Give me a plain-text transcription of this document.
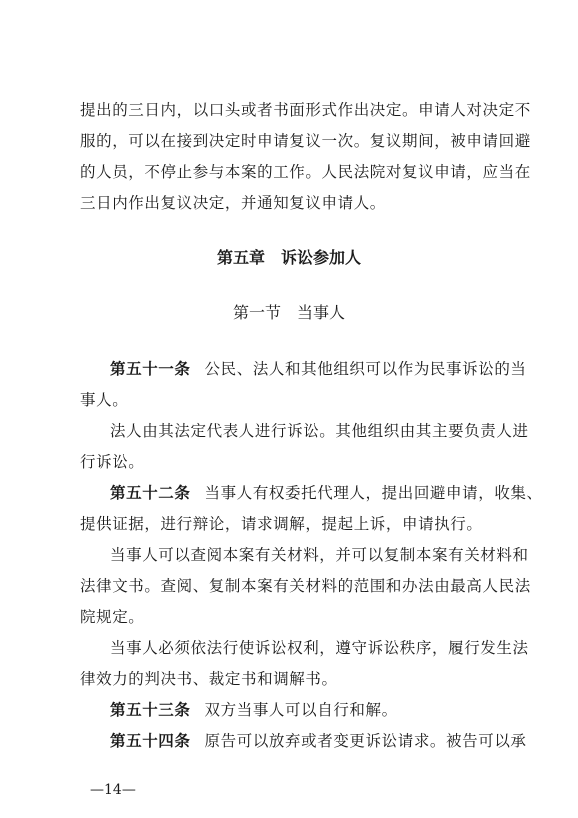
提出的三日内，以口头或者书面形式作出决定。申请人对决定不
服的，可以在接到决定时申请复议一次。复议期间，被申请回避
的人员，不停止参与本案的工作。人民法院对复议申请，应当在
三日内作出复议决定，并通知复议申请人。
第五章　诉讼参加人
第一节　当事人
第五十一条 公民、法人和其他组织可以作为民事诉讼的当
事人。
法人由其法定代表人进行诉讼。其他组织由其主要负责人进
行诉讼。
第五十二条 当事人有权委托代理人，提出回避申请，收集、
提供证据，进行辩论，请求调解，提起上诉，申请执行。
当事人可以查阅本案有关材料，并可以复制本案有关材料和
法律文书。查阅、复制本案有关材料的范围和办法由最高人民法
院规定。
当事人必须依法行使诉讼权利，遵守诉讼秩序，履行发生法
律效力的判决书、裁定书和调解书。
第五十三条 双方当事人可以自行和解。
第五十四条 原告可以放弃或者变更诉讼请求。被告可以承
—14—
